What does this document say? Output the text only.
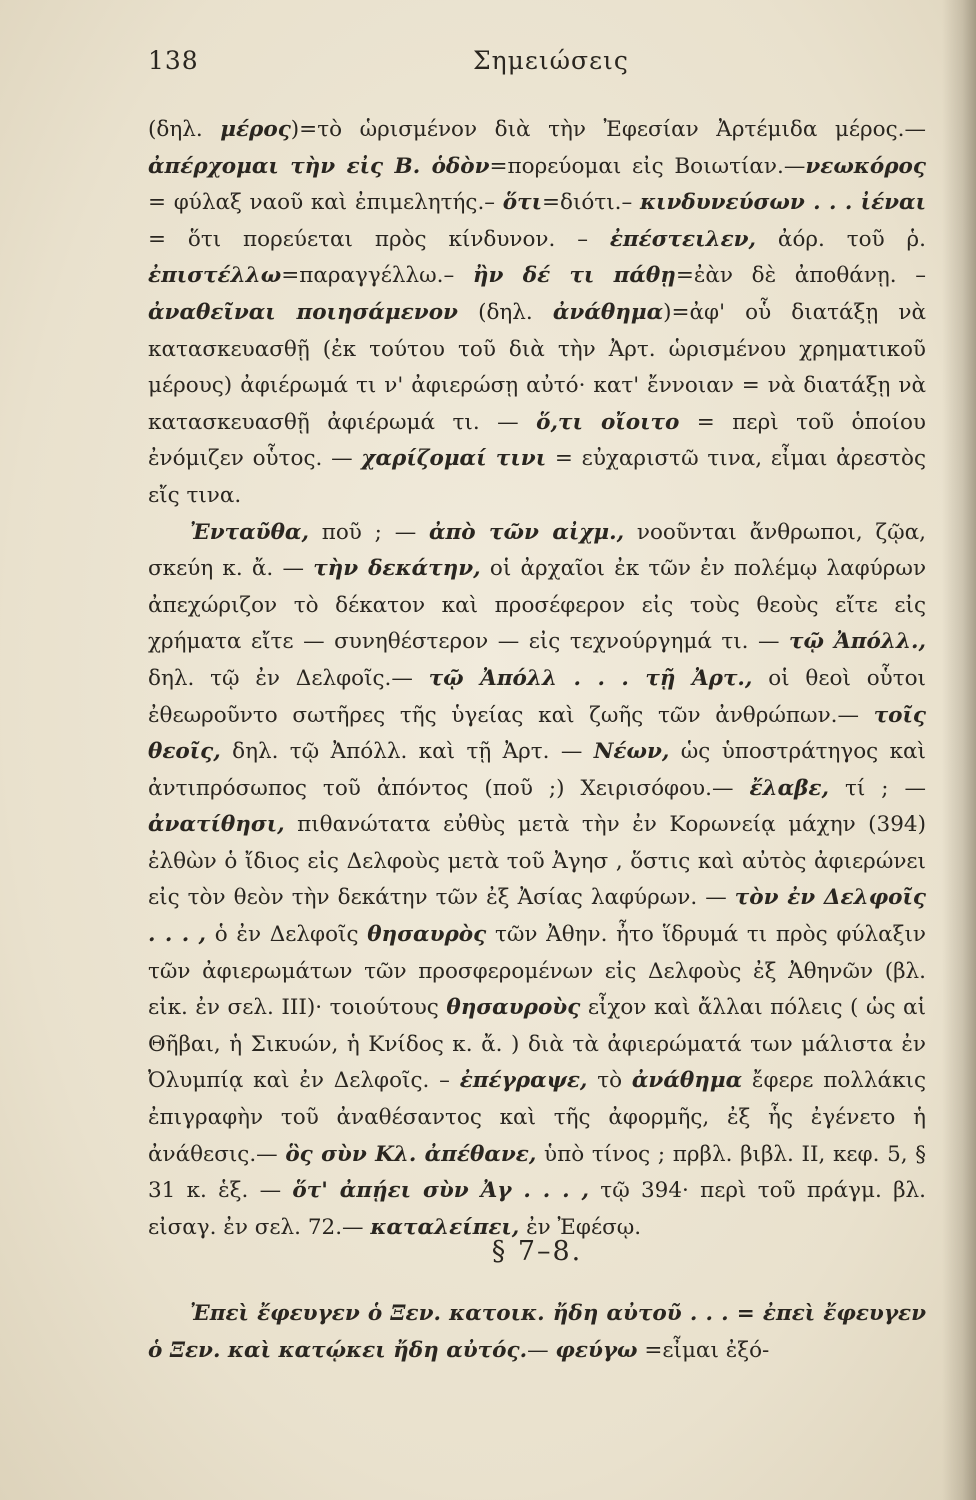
138	Σημειώσεις

(δηλ. μέρος)=τὸ ὡρισμένον διὰ τὴν Ἐφεσίαν Ἀρτέμιδα μέρος.— ἀπέρχομαι τὴν εἰς Β. ὁδὸν=πορεύομαι εἰς Βοιωτίαν.—νεωκόρος = φύλαξ ναοῦ καὶ ἐπιμελητής.– ὅτι=διότι.– κινδυνεύσων . . . ἰέναι = ὅτι πορεύεται πρὸς κίνδυνον. – ἐπέστειλεν, ἀόρ. τοῦ ῥ. ἐπιστέλλω=παραγγέλλω.– ἢν δέ τι πάθῃ=ἐὰν δὲ ἀποθάνῃ. – ἀναθεῖναι ποιησάμενον (δηλ. ἀνάθημα)=ἀφ' οὗ διατάξῃ νὰ κατασκευασθῇ (ἐκ τούτου τοῦ διὰ τὴν Ἀρτ. ὡρισμένου χρηματικοῦ μέρους) ἀφιέρωμά τι ν' ἀφιερώσῃ αὐτό· κατ' ἔννοιαν = νὰ διατάξῃ νὰ κατασκευασθῇ ἀφιέρωμά τι. — ὅ,τι οἴοιτο = περὶ τοῦ ὁποίου ἐνόμιζεν οὗτος. — χαρίζομαί τινι = εὐχαριστῶ τινα, εἶμαι ἀρεστὸς εἴς τινα.

Ἐνταῦθα, ποῦ ; — ἀπὸ τῶν αἰχμ., νοοῦνται ἄνθρωποι, ζῷα, σκεύη κ. ἄ. — τὴν δεκάτην, οἱ ἀρχαῖοι ἐκ τῶν ἐν πολέμῳ λαφύρων ἀπεχώριζον τὸ δέκατον καὶ προσέφερον εἰς τοὺς θεοὺς εἴτε εἰς χρήματα εἴτε — συνηθέστερον — εἰς τεχνούργημά τι. — τῷ Ἀπόλλ., δηλ. τῷ ἐν Δελφοῖς.— τῷ Ἀπόλλ . . . τῇ Ἀρτ., οἱ θεοὶ οὗτοι ἐθεωροῦντο σωτῆρες τῆς ὑγείας καὶ ζωῆς τῶν ἀνθρώπων.— τοῖς θεοῖς, δηλ. τῷ Ἀπόλλ. καὶ τῇ Ἀρτ. — Νέων, ὡς ὑποστράτηγος καὶ ἀντιπρόσωπος τοῦ ἀπόντος (ποῦ ;) Χειρισόφου.— ἔλαβε, τί ; — ἀνατίθησι, πιθανώτατα εὐθὺς μετὰ τὴν ἐν Κορωνείᾳ μάχην (394) ἐλθὼν ὁ ἴδιος εἰς Δελφοὺς μετὰ τοῦ Ἀγησ , ὅστις καὶ αὐτὸς ἀφιερώνει εἰς τὸν θεὸν τὴν δεκάτην τῶν ἐξ Ἀσίας λαφύρων. — τὸν ἐν Δελφοῖς . . . , ὁ ἐν Δελφοῖς θησαυρὸς τῶν Ἀθην. ἦτο ἵδρυμά τι πρὸς φύλαξιν τῶν ἀφιερωμάτων τῶν προσφερομένων εἰς Δελφοὺς ἐξ Ἀθηνῶν (βλ. εἰκ. ἐν σελ. III)· τοιούτους θησαυροὺς εἶχον καὶ ἄλλαι πόλεις ( ὡς αἱ Θῆβαι, ἡ Σικυών, ἡ Κνίδος κ. ἄ. ) διὰ τὰ ἀφιερώματά των μάλιστα ἐν Ὀλυμπίᾳ καὶ ἐν Δελφοῖς. – ἐπέγραψε, τὸ ἀνάθημα ἔφερε πολλάκις ἐπιγραφὴν τοῦ ἀναθέσαντος καὶ τῆς ἀφορμῆς, ἐξ ἧς ἐγένετο ἡ ἀνάθεσις.— ὃς σὺν Κλ. ἀπέθανε, ὑπὸ τίνος ; πρβλ. βιβλ. II, κεφ. 5, § 31 κ. ἑξ. — ὅτ' ἀπῄει σὺν Ἀγ . . . , τῷ 394· περὶ τοῦ πράγμ. βλ. εἰσαγ. ἐν σελ. 72.— καταλείπει, ἐν Ἐφέσῳ.

§ 7–8.

Ἐπεὶ ἔφευγεν ὁ Ξεν. κατοικ. ἤδη αὐτοῦ . . . = ἐπεὶ ἔφευγεν ὁ Ξεν. καὶ κατῴκει ἤδη αὐτός.— φεύγω =εἶμαι ἐξό-
